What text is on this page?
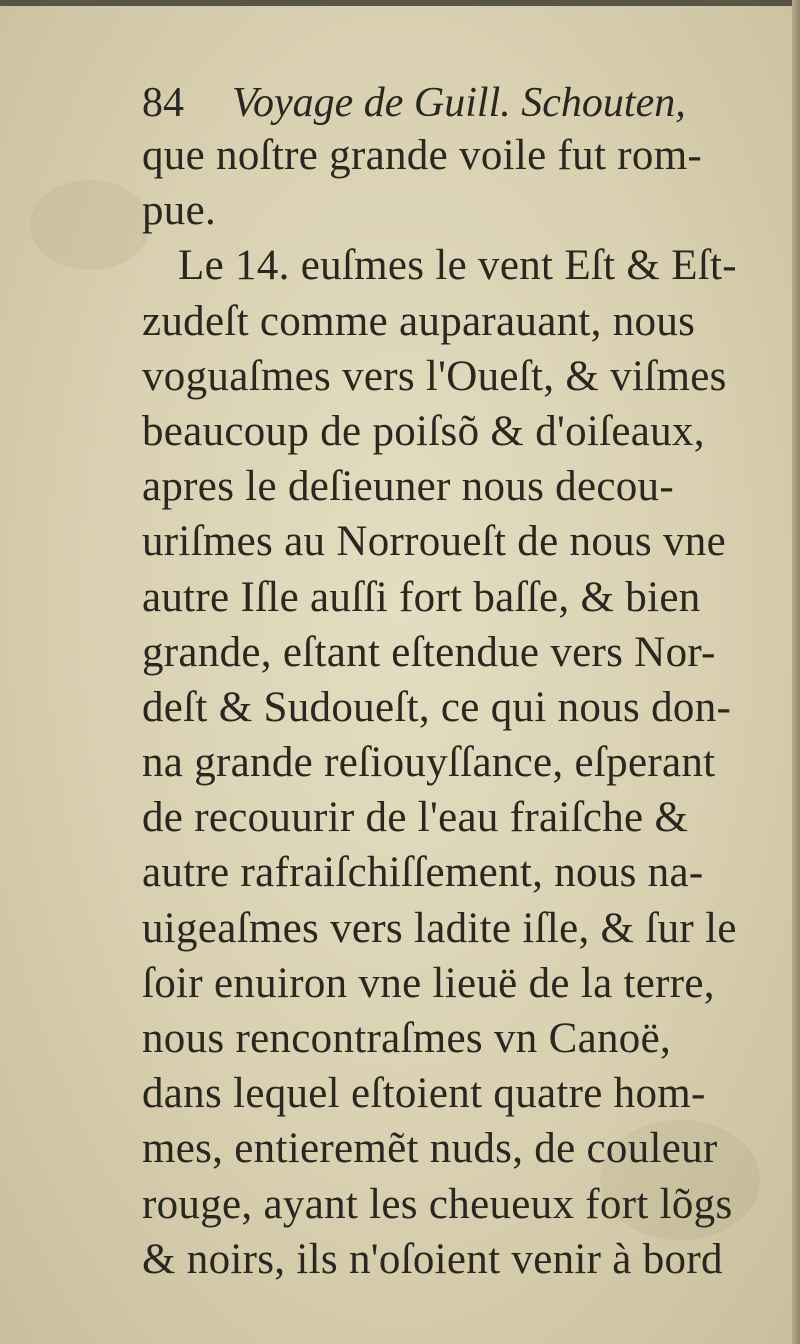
84 Voyage de Guill. Schouten,
que noſtre grande voile fut rom-
pue.
Le 14. euſmes le vent Eſt & Eſt-
zudeſt comme auparauant, nous
voguaſmes vers l'Oueſt, & viſmes
beaucoup de poiſsõ & d'oiſeaux,
apres le deſieuner nous decou-
uriſmes au Norroueſt de nous vne
autre Iſle auſſi fort baſſe, & bien
grande, eſtant eſtendue vers Nor-
deſt & Sudoueſt, ce qui nous don-
na grande reſiouyſſance, eſperant
de recouurir de l'eau fraiſche &
autre rafraiſchiſſement, nous na-
uigeaſmes vers ladite iſle, & ſur le
ſoir enuiron vne lieuë de la terre,
nous rencontraſmes vn Canoë,
dans lequel eſtoient quatre hom-
mes, entieremẽt nuds, de couleur
rouge, ayant les cheueux fort lõgs
& noirs, ils n'oſoient venir à bord
